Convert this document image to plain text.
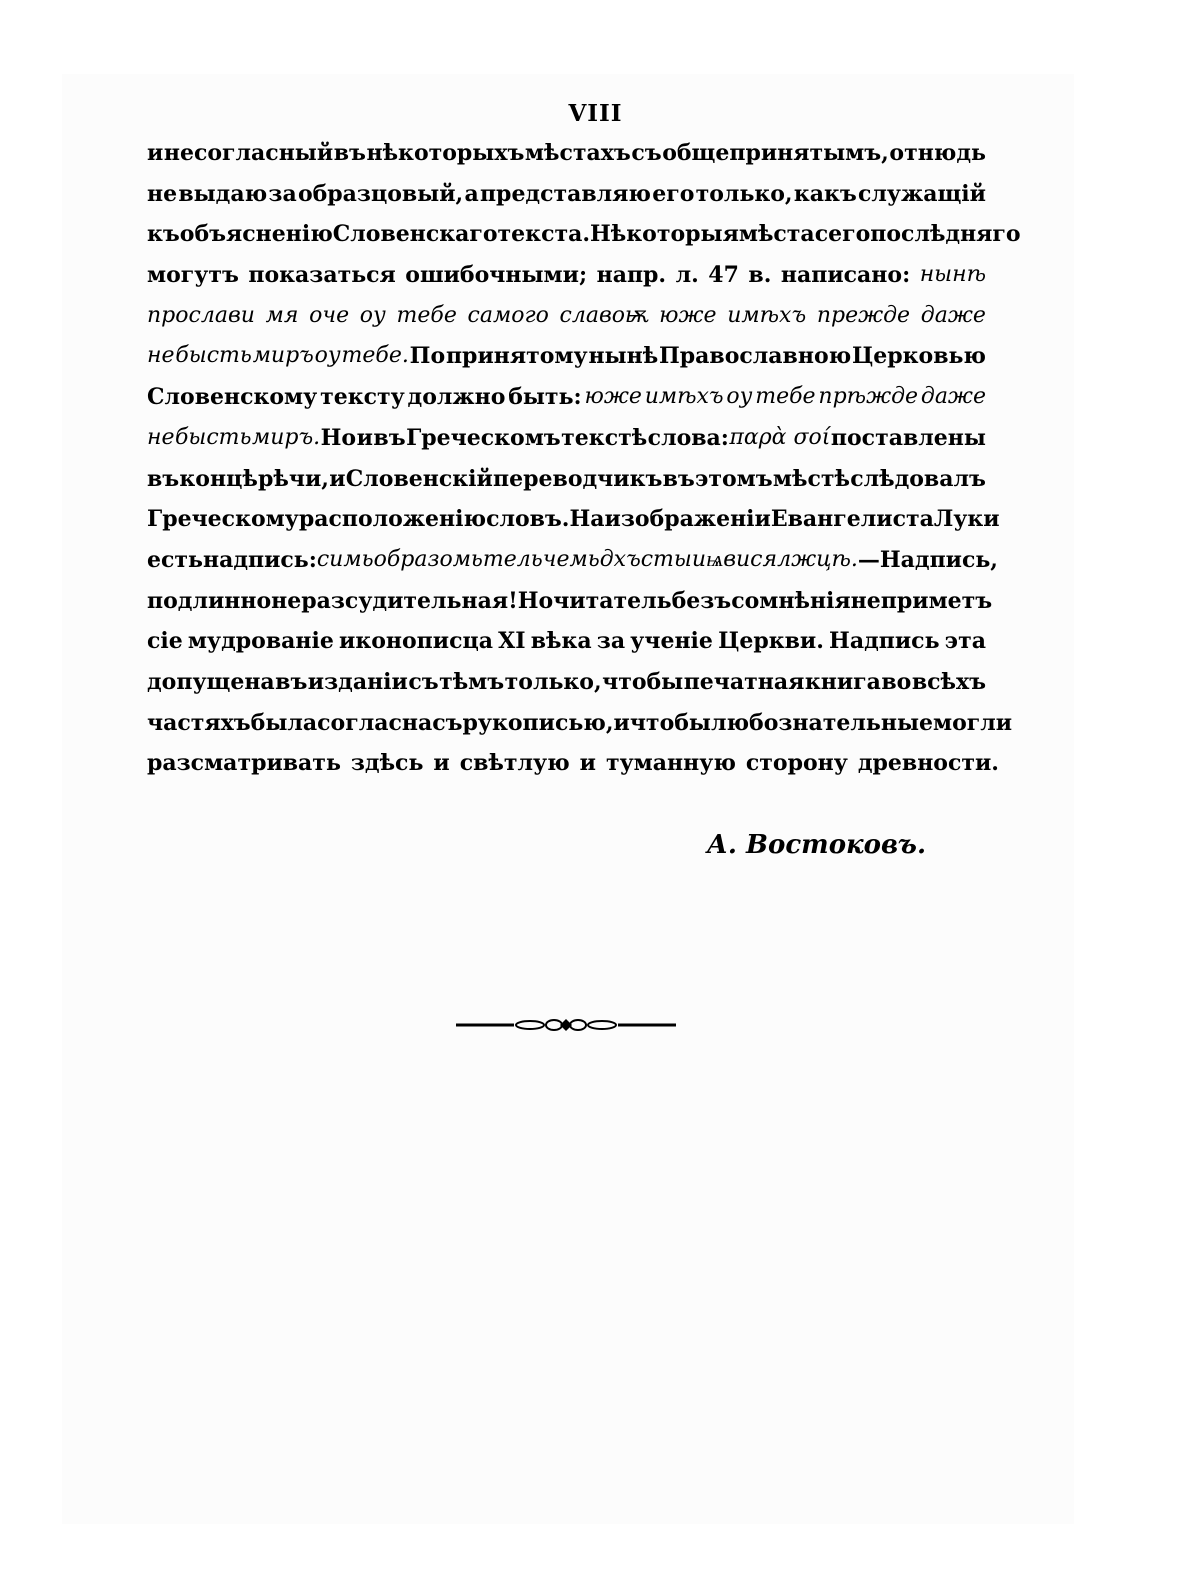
VIII
и несогласный въ нѣкоторыхъ мѣстахъ съ общепринятымъ, отнюдь
не выдаю за образцовый, а представляю его только, какъ служащій
къ объясненію Словенскаго текста. Нѣкоторыя мѣста сего послѣдняго
могутъ показаться ошибочными; напр. л. 47 в. написано: нынѣ
прослави мя оче оу тебе самого славоѭ юже имѣхъ прежде даже
не бысть миръ оу тебе. По принятому нынѣ Православною Церковью
Словенскому тексту должно быть: юже имѣхъ оу тебе прѣжде даже
не бысть миръ. Но и въ Греческомъ текстѣ слова: παρὰ σοί поставлены
въ концѣ рѣчи, и Словенскій переводчикъ въ этомъ мѣстѣ слѣдовалъ
Греческому расположенію словъ. На изображеніи Евангелиста Луки
есть надпись: симь образомь тельчемь дхъ стыи ѩвися лжцѣ. — Надпись,
подлинно неразсудительная! Но читатель безъ сомнѣнія не приметъ
сіе мудрованіе иконописца XI вѣка за ученіе Церкви. Надпись эта
допущена въ изданіи съ тѣмъ только, чтобы печатная книга во всѣхъ
частяхъ была согласна съ рукописью, и чтобы любознательные могли
разсматривать здѣсь и свѣтлую и туманную сторону древности.
А. Востоковъ.
